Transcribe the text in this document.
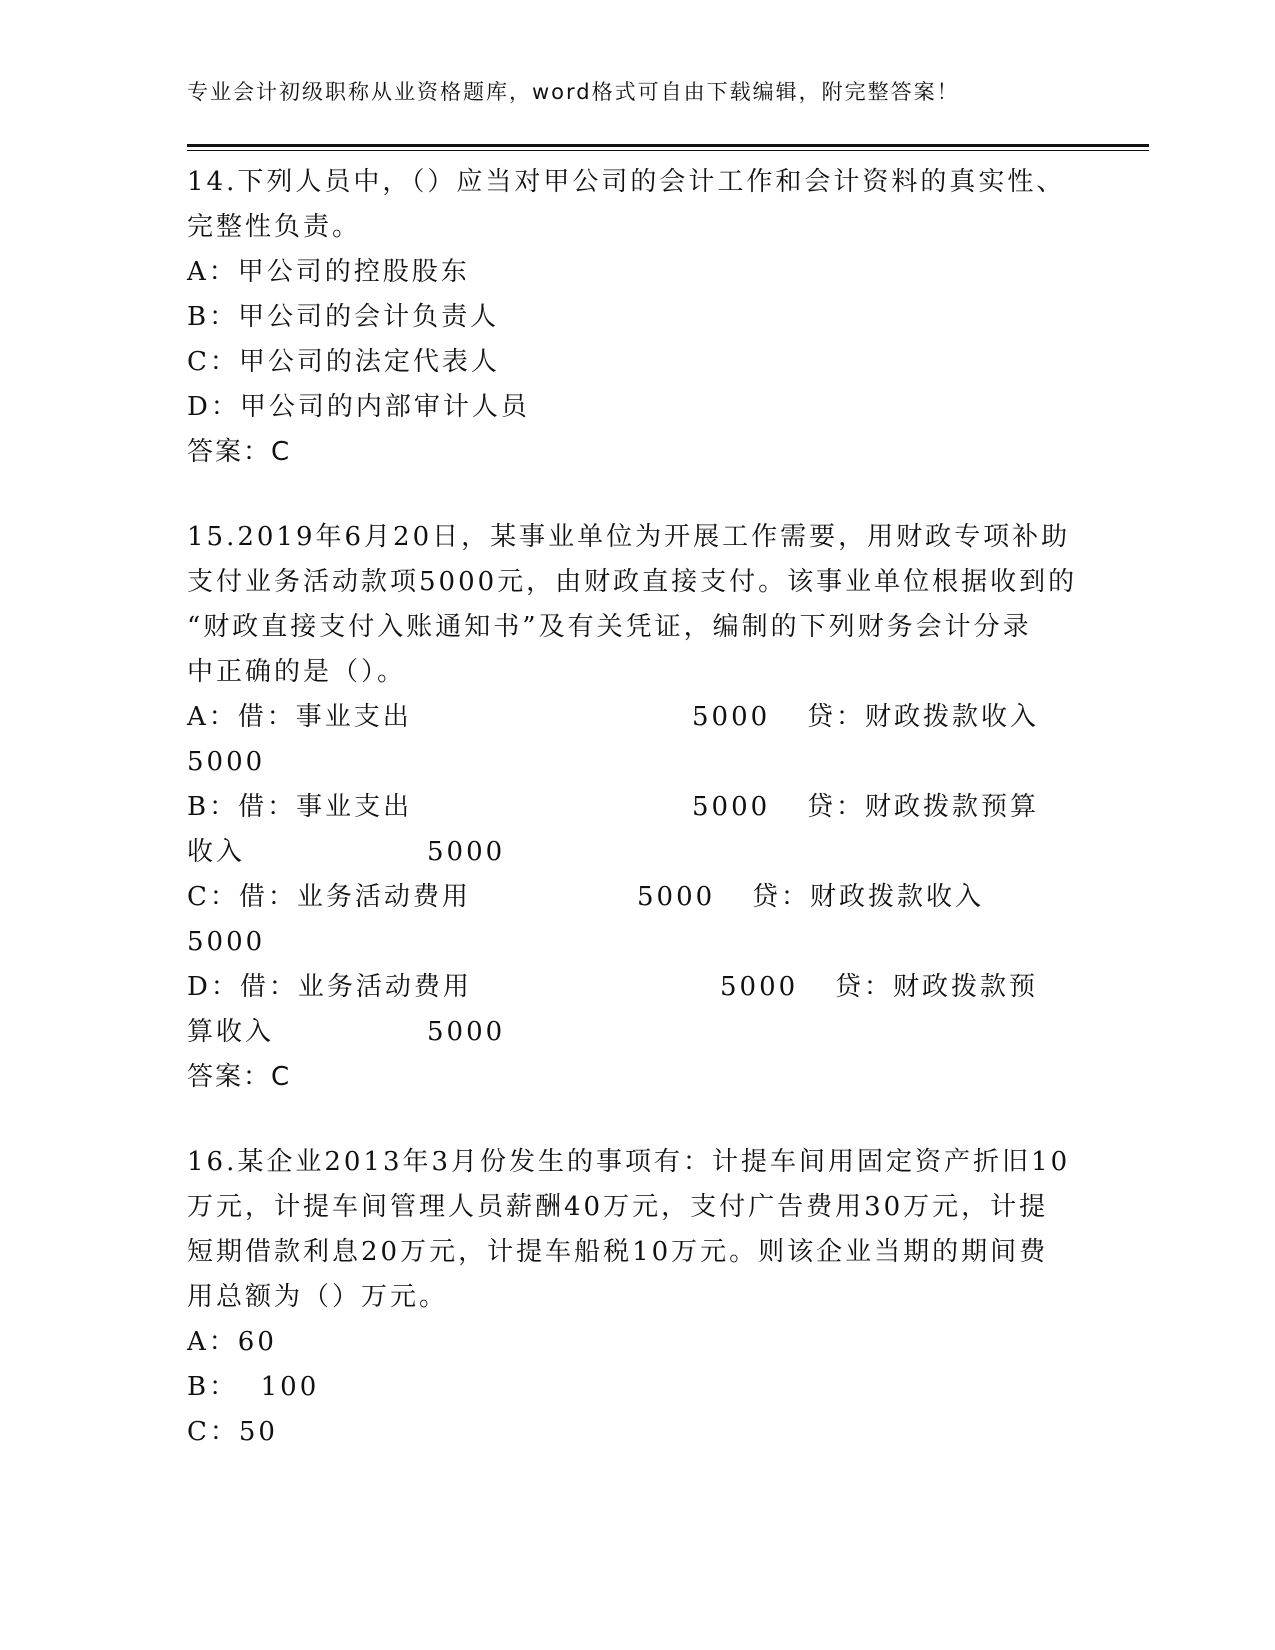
专业会计初级职称从业资格题库，word格式可自由下载编辑，附完整答案！
14.下列人员中，（）应当对甲公司的会计工作和会计资料的真实性、
完整性负责。
A：甲公司的控股股东
B：甲公司的会计负责人
C：甲公司的法定代表人
D：甲公司的内部审计人员
答案：C
15.2019年6月20日，某事业单位为开展工作需要，用财政专项补助
支付业务活动款项5000元，由财政直接支付。该事业单位根据收到的
“财政直接支付入账通知书”及有关凭证，编制的下列财务会计分录
中正确的是（）。
A：借：事业支出	5000 贷：财政拨款收入
5000
B：借：事业支出	5000 贷：财政拨款预算
收入	5000
C：借：业务活动费用	5000 贷：财政拨款收入
5000
D：借：业务活动费用	5000 贷：财政拨款预
算收入	5000
答案：C
16.某企业2013年3月份发生的事项有：计提车间用固定资产折旧10
万元，计提车间管理人员薪酬40万元，支付广告费用30万元，计提
短期借款利息20万元，计提车船税10万元。则该企业当期的期间费
用总额为（）万元。
A：60
B：  100
C：50
